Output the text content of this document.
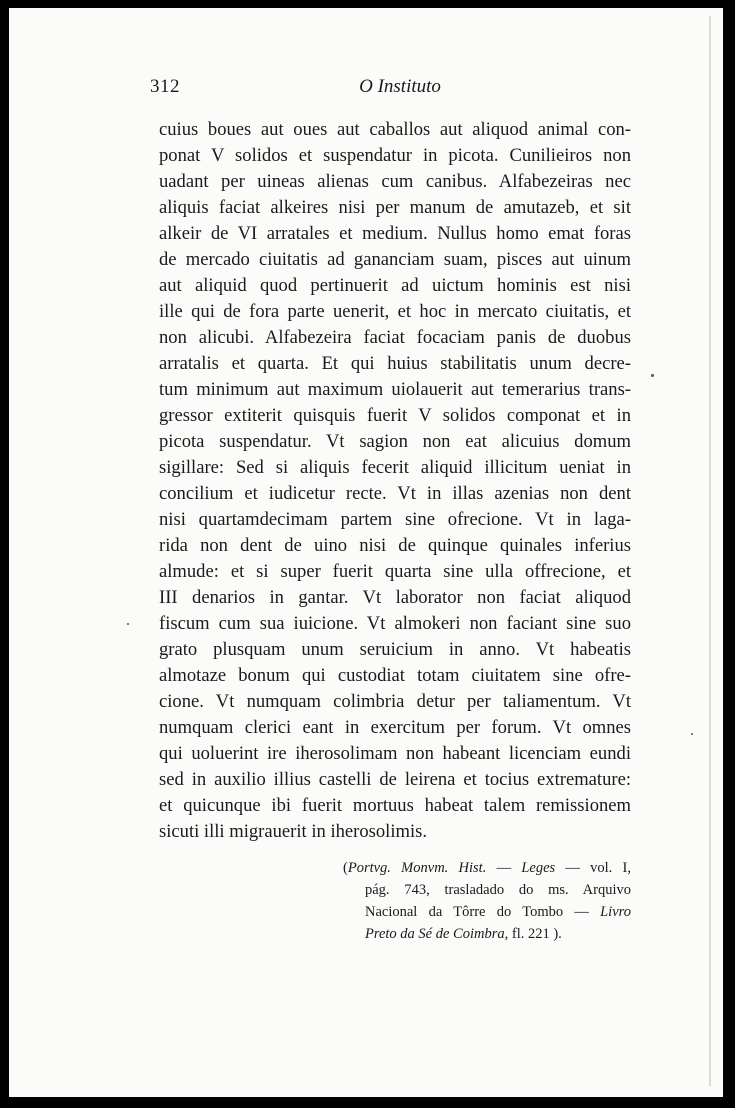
312	O Instituto
cuius boues aut oues aut caballos aut aliquod animal con-
ponat V solidos et suspendatur in picota. Cunilieiros non
uadant per uineas alienas cum canibus. Alfabezeiras nec
aliquis faciat alkeires nisi per manum de amutazeb, et sit
alkeir de VI arratales et medium. Nullus homo emat foras
de mercado ciuitatis ad gananciam suam, pisces aut uinum
aut aliquid quod pertinuerit ad uictum hominis est nisi
ille qui de fora parte uenerit, et hoc in mercato ciuitatis, et
non alicubi. Alfabezeira faciat focaciam panis de duobus
arratalis et quarta. Et qui huius stabilitatis unum decre-
tum minimum aut maximum uiolauerit aut temerarius trans-
gressor extiterit quisquis fuerit V solidos componat et in
picota suspendatur. Vt sagion non eat alicuius domum
sigillare: Sed si aliquis fecerit aliquid illicitum ueniat in
concilium et iudicetur recte. Vt in illas azenias non dent
nisi quartamdecimam partem sine ofrecione. Vt in laga-
rida non dent de uino nisi de quinque quinales inferius
almude: et si super fuerit quarta sine ulla offrecione, et
III denarios in gantar. Vt laborator non faciat aliquod
fiscum cum sua iuicione. Vt almokeri non faciant sine suo
grato plusquam unum seruicium in anno. Vt habeatis
almotaze bonum qui custodiat totam ciuitatem sine ofre-
cione. Vt numquam colimbria detur per taliamentum. Vt
numquam clerici eant in exercitum per forum. Vt omnes
qui uoluerint ire iherosolimam non habeant licenciam eundi
sed in auxilio illius castelli de leirena et tocius extremature:
et quicunque ibi fuerit mortuus habeat talem remissionem
sicuti illi migrauerit in iherosolimis.
(Portvg. Monvm. Hist. — Leges — vol. I,
pág. 743, trasladado do ms. Arquivo
Nacional da Tôrre do Tombo — Livro
Preto da Sé de Coimbra, fl. 221 ).
